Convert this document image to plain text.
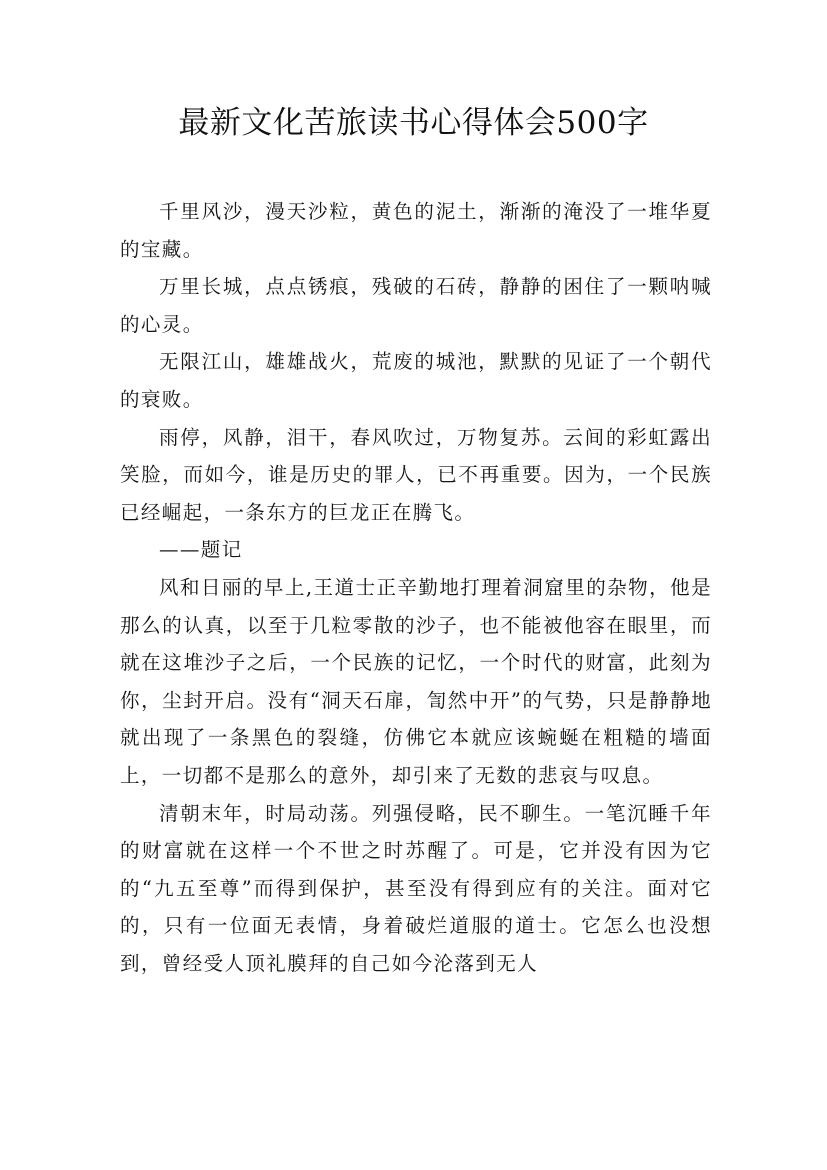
最新文化苦旅读书心得体会500字

千里风沙，漫天沙粒，黄色的泥土，渐渐的淹没了一堆华夏的宝藏。

万里长城，点点锈痕，残破的石砖，静静的困住了一颗呐喊的心灵。

无限江山，雄雄战火，荒废的城池，默默的见证了一个朝代的衰败。

雨停，风静，泪干，春风吹过，万物复苏。云间的彩虹露出笑脸，而如今，谁是历史的罪人，已不再重要。因为，一个民族已经崛起，一条东方的巨龙正在腾飞。

——题记

风和日丽的早上,王道士正辛勤地打理着洞窟里的杂物，他是那么的认真，以至于几粒零散的沙子，也不能被他容在眼里，而就在这堆沙子之后，一个民族的记忆，一个时代的财富，此刻为你，尘封开启。没有“洞天石扉，訇然中开”的气势，只是静静地就出现了一条黑色的裂缝，仿佛它本就应该蜿蜒在粗糙的墙面上，一切都不是那么的意外，却引来了无数的悲哀与叹息。

清朝末年，时局动荡。列强侵略，民不聊生。一笔沉睡千年的财富就在这样一个不世之时苏醒了。可是，它并没有因为它的“九五至尊”而得到保护，甚至没有得到应有的关注。面对它的，只有一位面无表情，身着破烂道服的道士。它怎么也没想到，曾经受人顶礼膜拜的自己如今沦落到无人
